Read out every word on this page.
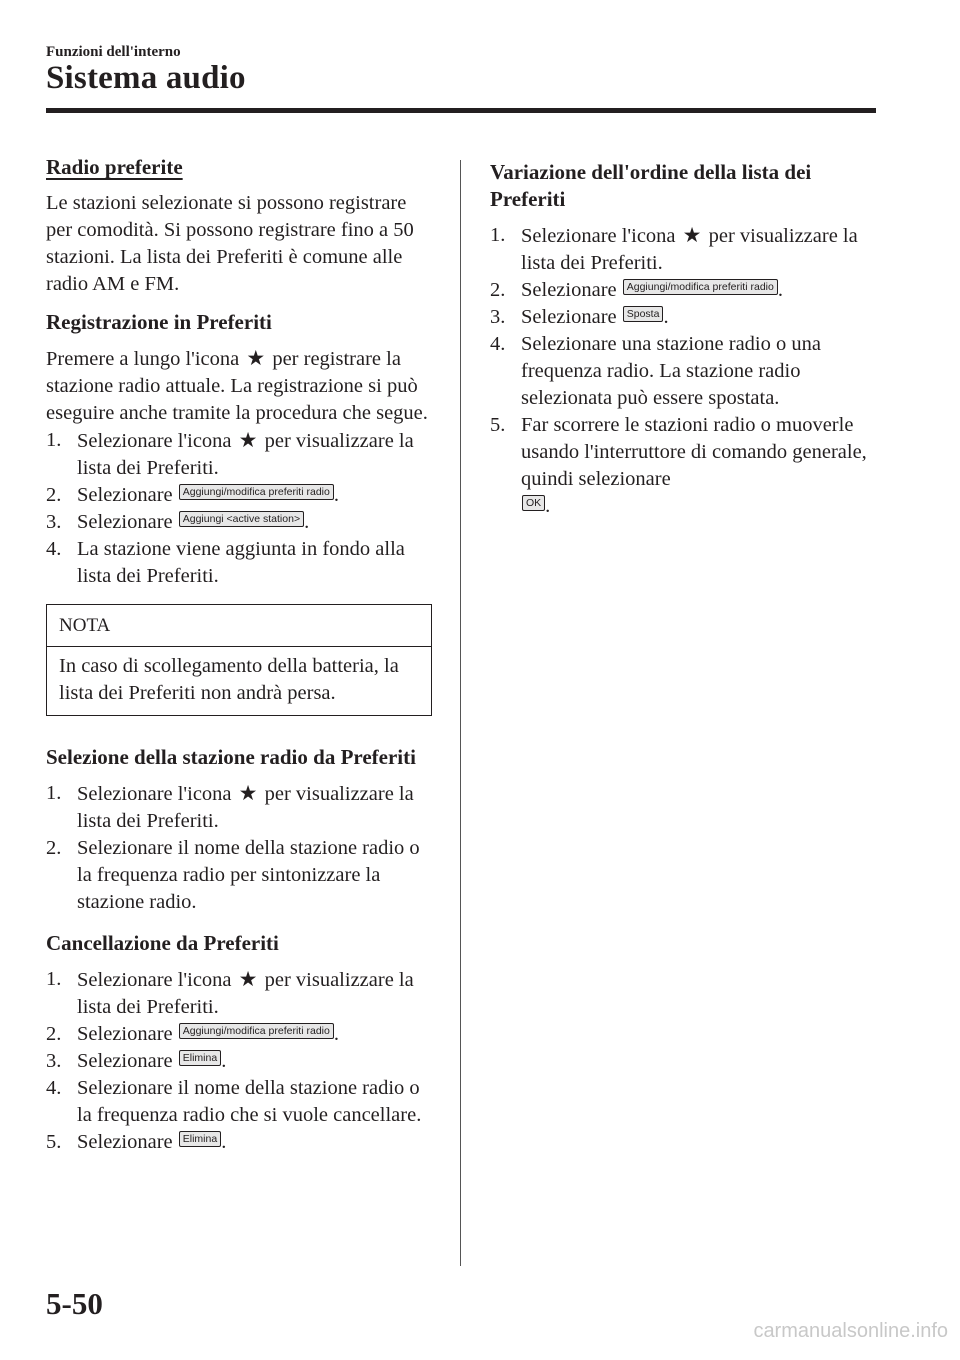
Funzioni dell'interno
Sistema audio
Radio preferite

Le stazioni selezionate si possono registrare per comodità. Si possono registrare fino a 50 stazioni. La lista dei Preferiti è comune alle radio AM e FM.

Registrazione in Preferiti

Premere a lungo l'icona ★ per registrare la stazione radio attuale. La registrazione si può eseguire anche tramite la procedura che segue.

1. Selezionare l'icona ★ per visualizzare la lista dei Preferiti.
2. Selezionare Aggiungi/modifica preferiti radio .
3. Selezionare Aggiungi <active station> .
4. La stazione viene aggiunta in fondo alla lista dei Preferiti.
NOTA
In caso di scollegamento della batteria, la lista dei Preferiti non andrà persa.
Selezione della stazione radio da Preferiti
1. Selezionare l'icona ★ per visualizzare la lista dei Preferiti.
2. Selezionare il nome della stazione radio o la frequenza radio per sintonizzare la stazione radio.
Cancellazione da Preferiti
1. Selezionare l'icona ★ per visualizzare la lista dei Preferiti.
2. Selezionare Aggiungi/modifica preferiti radio .
3. Selezionare Elimina .
4. Selezionare il nome della stazione radio o la frequenza radio che si vuole cancellare.
5. Selezionare Elimina .
Variazione dell'ordine della lista dei Preferiti
1. Selezionare l'icona ★ per visualizzare la lista dei Preferiti.
2. Selezionare Aggiungi/modifica preferiti radio .
3. Selezionare Sposta .
4. Selezionare una stazione radio o una frequenza radio. La stazione radio selezionata può essere spostata.
5. Far scorrere le stazioni radio o muoverle usando l'interruttore di comando generale, quindi selezionare
OK .
5-50
carmanualsonline.info
